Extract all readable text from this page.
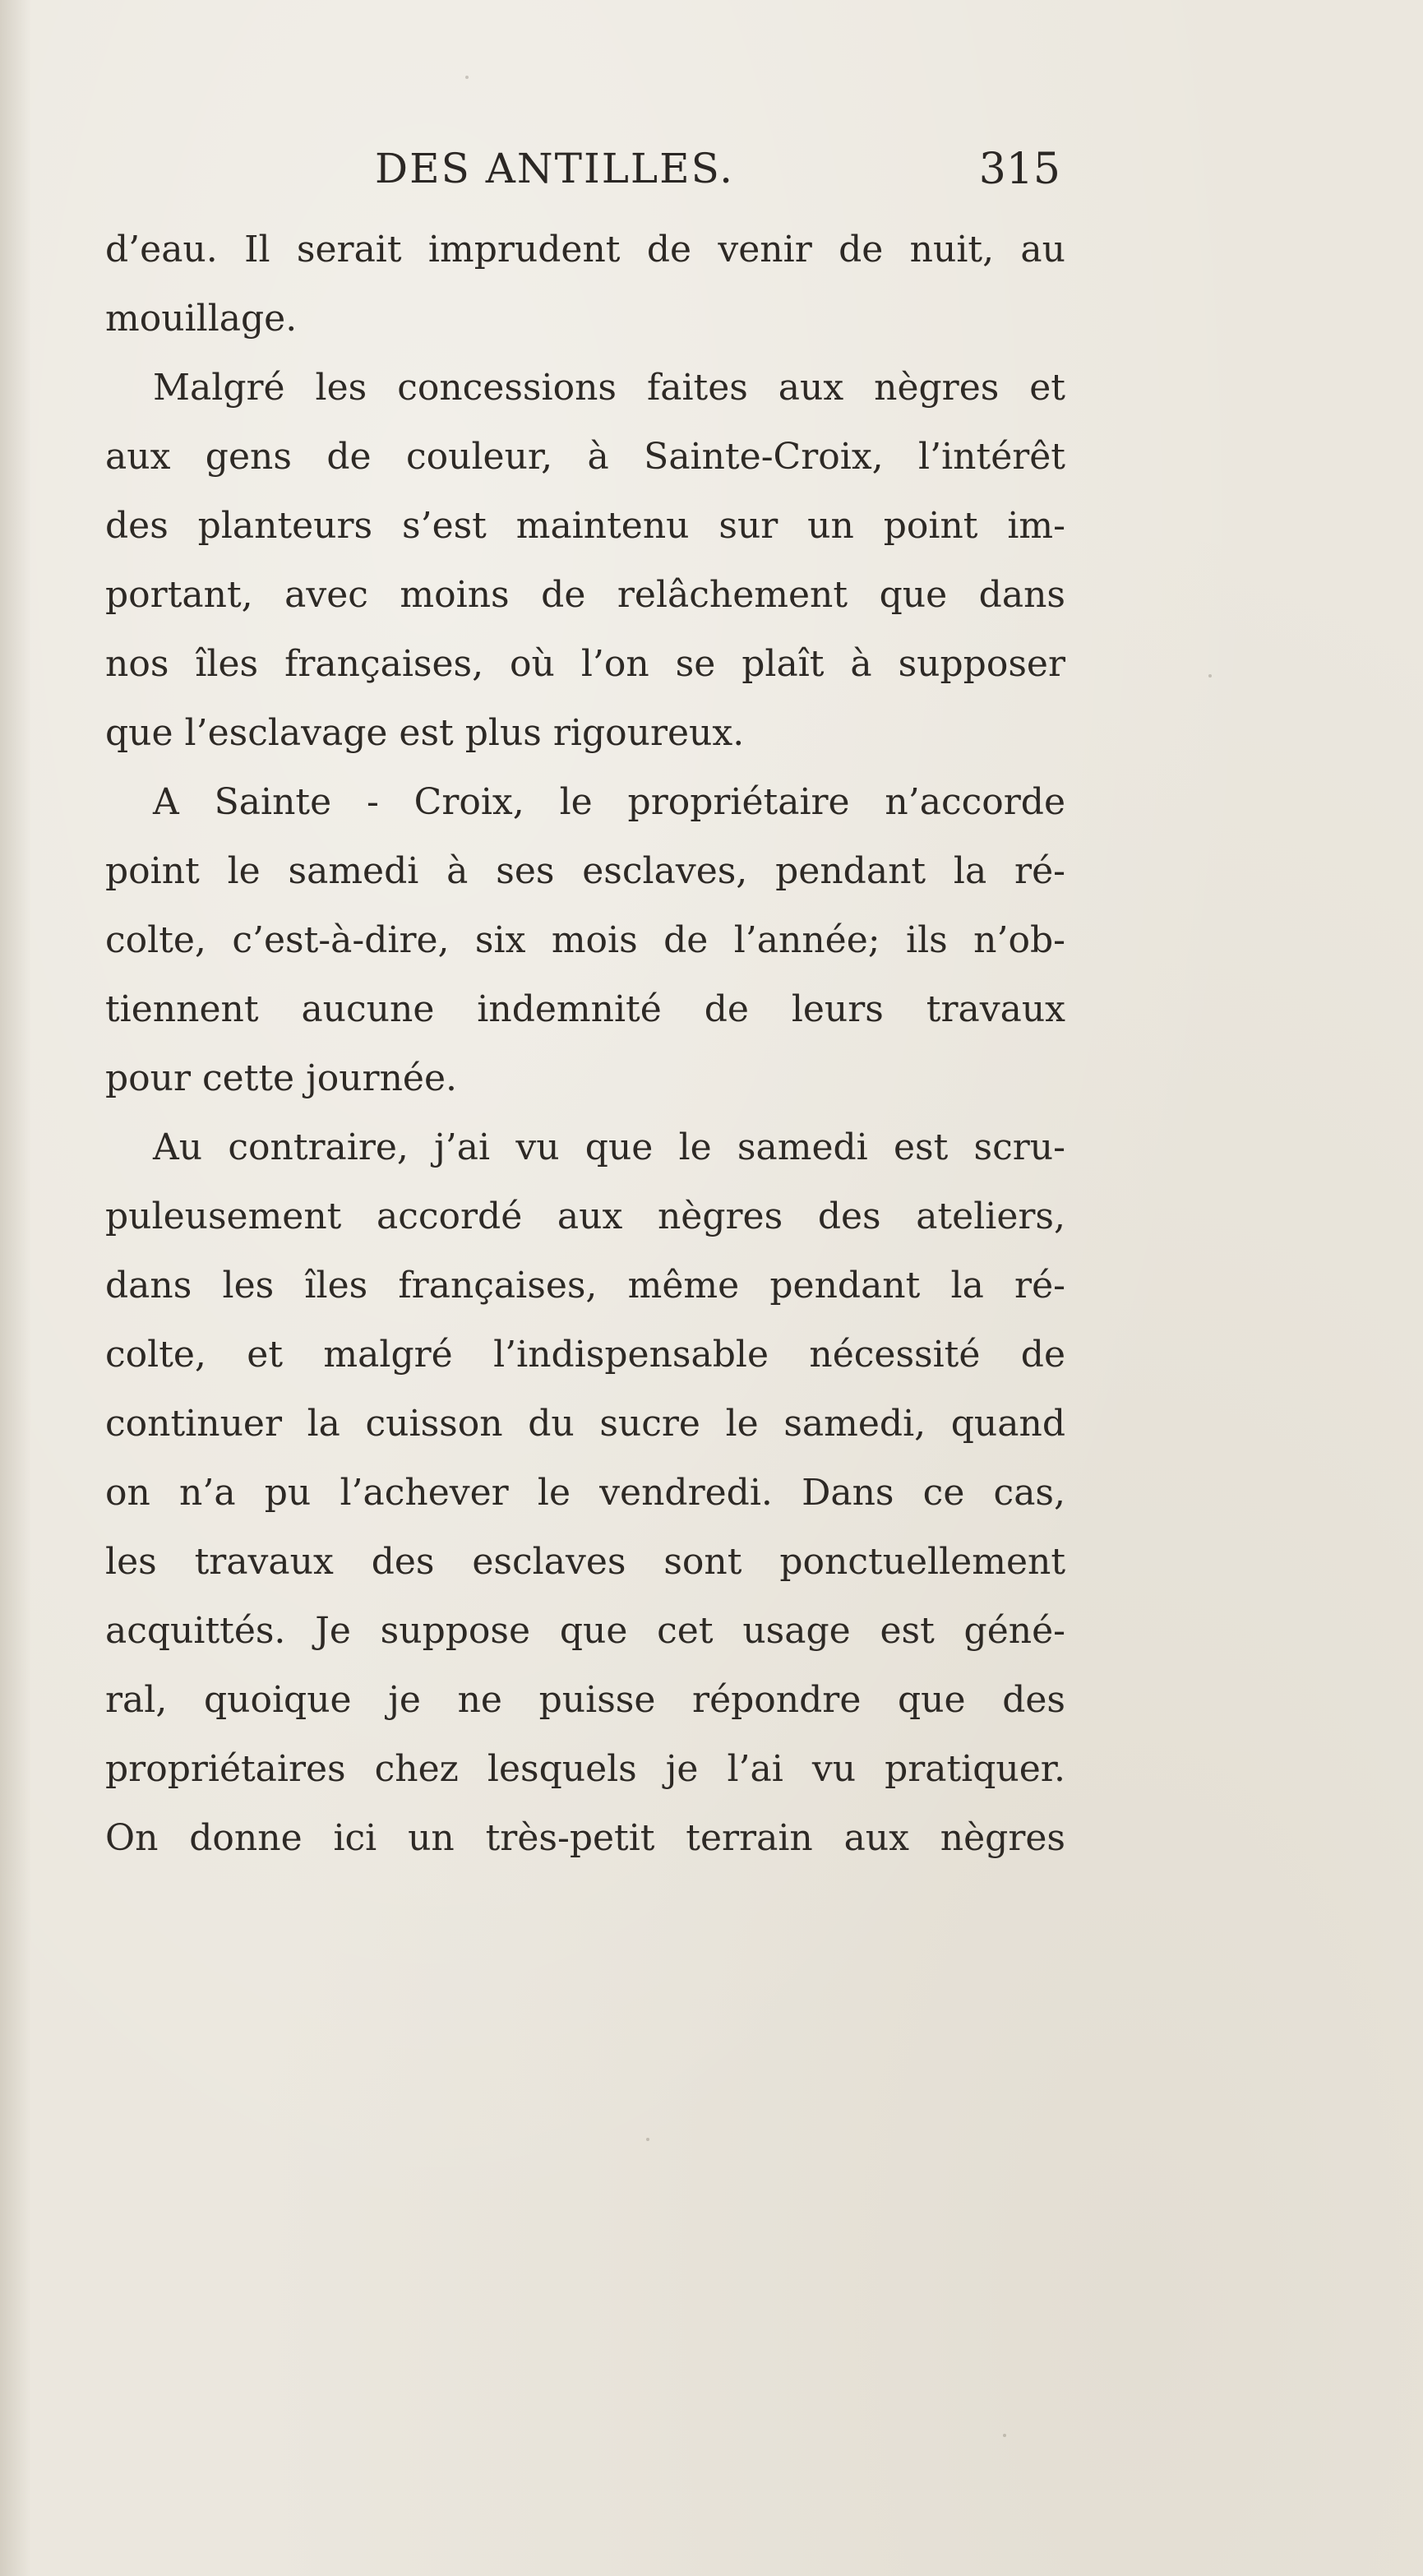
DES ANTILLES.	315
d’eau. Il serait imprudent de venir de nuit, au
mouillage.
Malgré les concessions faites aux nègres et
aux gens de couleur, à Sainte-Croix, l’intérêt
des planteurs s’est maintenu sur un point im-
portant, avec moins de relâchement que dans
nos îles françaises, où l’on se plaît à supposer
que l’esclavage est plus rigoureux.
A Sainte - Croix, le propriétaire n’accorde
point le samedi à ses esclaves, pendant la ré-
colte, c’est-à-dire, six mois de l’année; ils n’ob-
tiennent aucune indemnité de leurs travaux
pour cette journée.
Au contraire, j’ai vu que le samedi est scru-
puleusement accordé aux nègres des ateliers,
dans les îles françaises, même pendant la ré-
colte, et malgré l’indispensable nécessité de
continuer la cuisson du sucre le samedi, quand
on n’a pu l’achever le vendredi. Dans ce cas,
les travaux des esclaves sont ponctuellement
acquittés. Je suppose que cet usage est géné-
ral, quoique je ne puisse répondre que des
propriétaires chez lesquels je l’ai vu pratiquer.
On donne ici un très-petit terrain aux nègres
